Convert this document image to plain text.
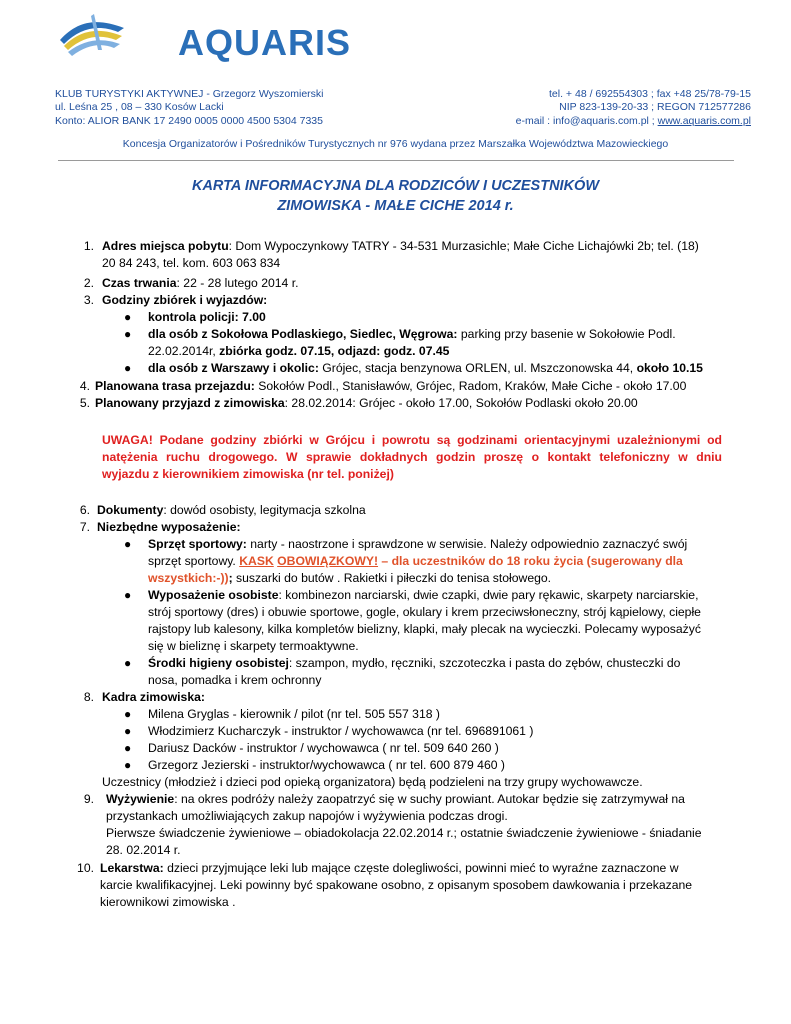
AQUARIS
KLUB TURYSTYKI AKTYWNEJ - Grzegorz Wyszomierski
ul. Leśna 25 , 08 – 330 Kosów Lacki
Konto: ALIOR BANK 17 2490 0005 0000 4500 5304 7335
tel. + 48 / 692554303 ; fax +48 25/78-79-15
NIP 823-139-20-33 ; REGON 712577286
e-mail : info@aquaris.com.pl ; www.aquaris.com.pl
Koncesja Organizatorów i Pośredników Turystycznych nr 976 wydana przez Marszałka Województwa Mazowieckiego
KARTA INFORMACYJNA DLA RODZICÓW I UCZESTNIKÓW
ZIMOWISKA - MAŁE CICHE 2014 r.
1. Adres miejsca pobytu: Dom Wypoczynkowy TATRY - 34-531 Murzasichle; Małe Ciche Lichajówki 2b; tel. (18)
20 84 243, tel. kom. 603 063 834
2. Czas trwania: 22 - 28 lutego 2014 r.
3. Godziny zbiórek i wyjazdów:
● kontrola policji: 7.00
● dla osób z Sokołowa Podlaskiego, Siedlec, Węgrowa: parking przy basenie w Sokołowie Podl.
22.02.2014r, zbiórka godz. 07.15, odjazd: godz. 07.45
● dla osób z Warszawy i okolic: Grójec, stacja benzynowa ORLEN, ul. Mszczonowska 44, około 10.15
4. Planowana trasa przejazdu: Sokołów Podl., Stanisławów, Grójec, Radom, Kraków, Małe Ciche - około 17.00
5. Planowany przyjazd z zimowiska: 28.02.2014: Grójec - około 17.00, Sokołów Podlaski około 20.00
UWAGA! Podane godziny zbiórki w Grójcu i powrotu są godzinami orientacyjnymi uzależnionymi od
natężenia ruchu drogowego. W sprawie dokładnych godzin proszę o kontakt telefoniczny w dniu
wyjazdu z kierownikiem zimowiska (nr tel. poniżej)
6. Dokumenty: dowód osobisty, legitymacja szkolna
7. Niezbędne wyposażenie:
● Sprzęt sportowy: narty - naostrzone i sprawdzone w serwisie. Należy odpowiednio zaznaczyć swój
sprzęt sportowy. KASK OBOWIĄZKOWY! – dla uczestników do 18 roku życia (sugerowany dla
wszystkich:-)); suszarki do butów . Rakietki i piłeczki do tenisa stołowego.
● Wyposażenie osobiste: kombinezon narciarski, dwie czapki, dwie pary rękawic, skarpety narciarskie,
strój sportowy (dres) i obuwie sportowe, gogle, okulary i krem przeciwsłoneczny, strój kąpielowy, ciepłe
rajstopy lub kalesony, kilka kompletów bielizny, klapki, mały plecak na wycieczki. Polecamy wyposażyć
się w bieliznę i skarpety termoaktywne.
● Środki higieny osobistej: szampon, mydło, ręczniki, szczoteczka i pasta do zębów, chusteczki do
nosa, pomadka i krem ochronny
8. Kadra zimowiska:
● Milena Gryglas - kierownik / pilot (nr tel. 505 557 318 )
● Włodzimierz Kucharczyk - instruktor / wychowawca (nr tel. 696891061 )
● Dariusz Dacków - instruktor / wychowawca ( nr tel. 509 640 260 )
● Grzegorz Jezierski - instruktor/wychowawca ( nr tel. 600 879 460 )
Uczestnicy (młodzież i dzieci pod opieką organizatora) będą podzieleni na trzy grupy wychowawcze.
9. Wyżywienie: na okres podróży należy zaopatrzyć się w suchy prowiant. Autokar będzie się zatrzymywał na
przystankach umożliwiających zakup napojów i wyżywienia podczas drogi.
Pierwsze świadczenie żywieniowe – obiadokolacja 22.02.2014 r.; ostatnie świadczenie żywieniowe - śniadanie
28. 02.2014 r.
10. Lekarstwa: dzieci przyjmujące leki lub mające częste dolegliwości, powinni mieć to wyraźne zaznaczone w
karcie kwalifikacyjnej. Leki powinny być spakowane osobno, z opisanym sposobem dawkowania i przekazane
kierownikowi zimowiska .
